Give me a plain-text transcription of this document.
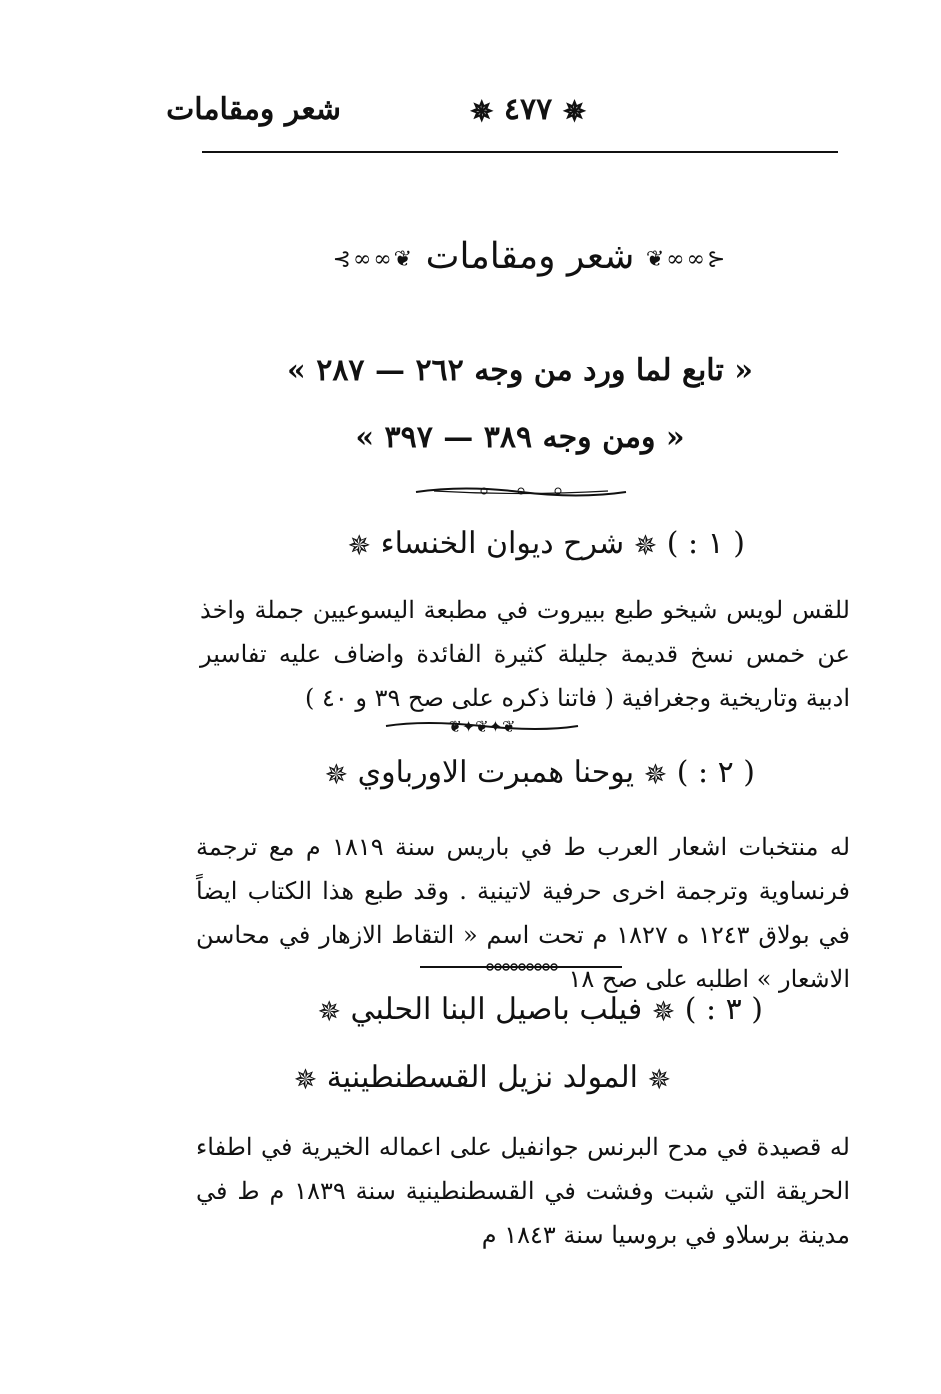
شعر ومقامات	✵ ٤٧٧ ✵
⊰∞∞❦ شعر ومقامات ❦∞∞⊱
« تابع لما ورد من وجه ٢٦٢ — ٢٨٧ »
« ومن وجه ٣٨٩ — ٣٩٧ »
( ١ : ) ✵ شرح ديوان الخنساء ✵
للقس لويس شيخو طبع ببيروت في مطبعة اليسوعيين جملة واخذ عن خمس نسخ قديمة جليلة كثيرة الفائدة واضاف عليه تفاسير ادبية وتاريخية وجغرافية ( فاتنا ذكره على صح ٣٩ و ٤٠ )
❦✦❦✦❦
( ٢ : ) ✵ يوحنا همبرت الاورباوي ✵
له منتخبات اشعار العرب ط في باريس سنة ١٨١٩ م مع ترجمة فرنساوية وترجمة اخرى حرفية لاتينية . وقد طبع هذا الكتاب ايضاً في بولاق ١٢٤٣ ه ١٨٢٧ م تحت اسم « التقاط الازهار في محاسن الاشعار » اطلبه على صح ١٨
( ٣ : ) ✵ فيلب باصيل البنا الحلبي ✵
✵ المولد نزيل القسطنطينية ✵
له قصيدة في مدح البرنس جوانفيل على اعماله الخيرية في اطفاء الحريقة التي شبت وفشت في القسطنطينية سنة ١٨٣٩ م ط في مدينة برسلاو في بروسيا سنة ١٨٤٣ م
